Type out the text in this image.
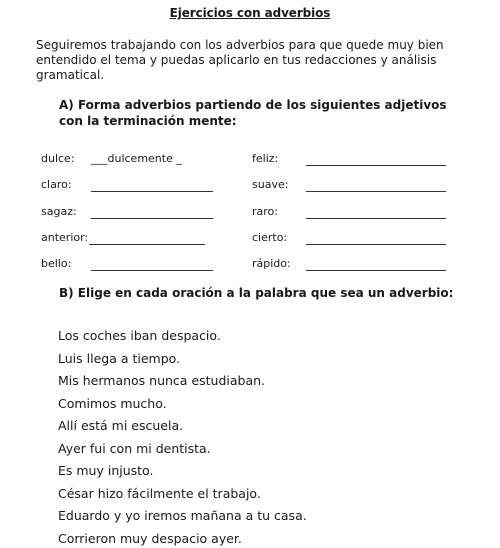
Ejercicios con adverbios
Seguiremos trabajando con los adverbios para que quede muy bien entendido el tema y puedas aplicarlo en tus redacciones y análisis gramatical.
A) Forma adverbios partiendo de los siguientes adjetivos con la terminación mente:
dulce: ___dulcemente _	feliz:
claro:	suave:
sagaz:	raro:
anterior:	cierto:
bello:	rápido:
B) Elige en cada oración a la palabra que sea un adverbio:
Los coches iban despacio.
Luis llega a tiempo.
Mis hermanos nunca estudiaban.
Comimos mucho.
Allí está mi escuela.
Ayer fui con mi dentista.
Es muy injusto.
César hizo fácilmente el trabajo.
Eduardo y yo iremos mañana a tu casa.
Corrieron muy despacio ayer.
